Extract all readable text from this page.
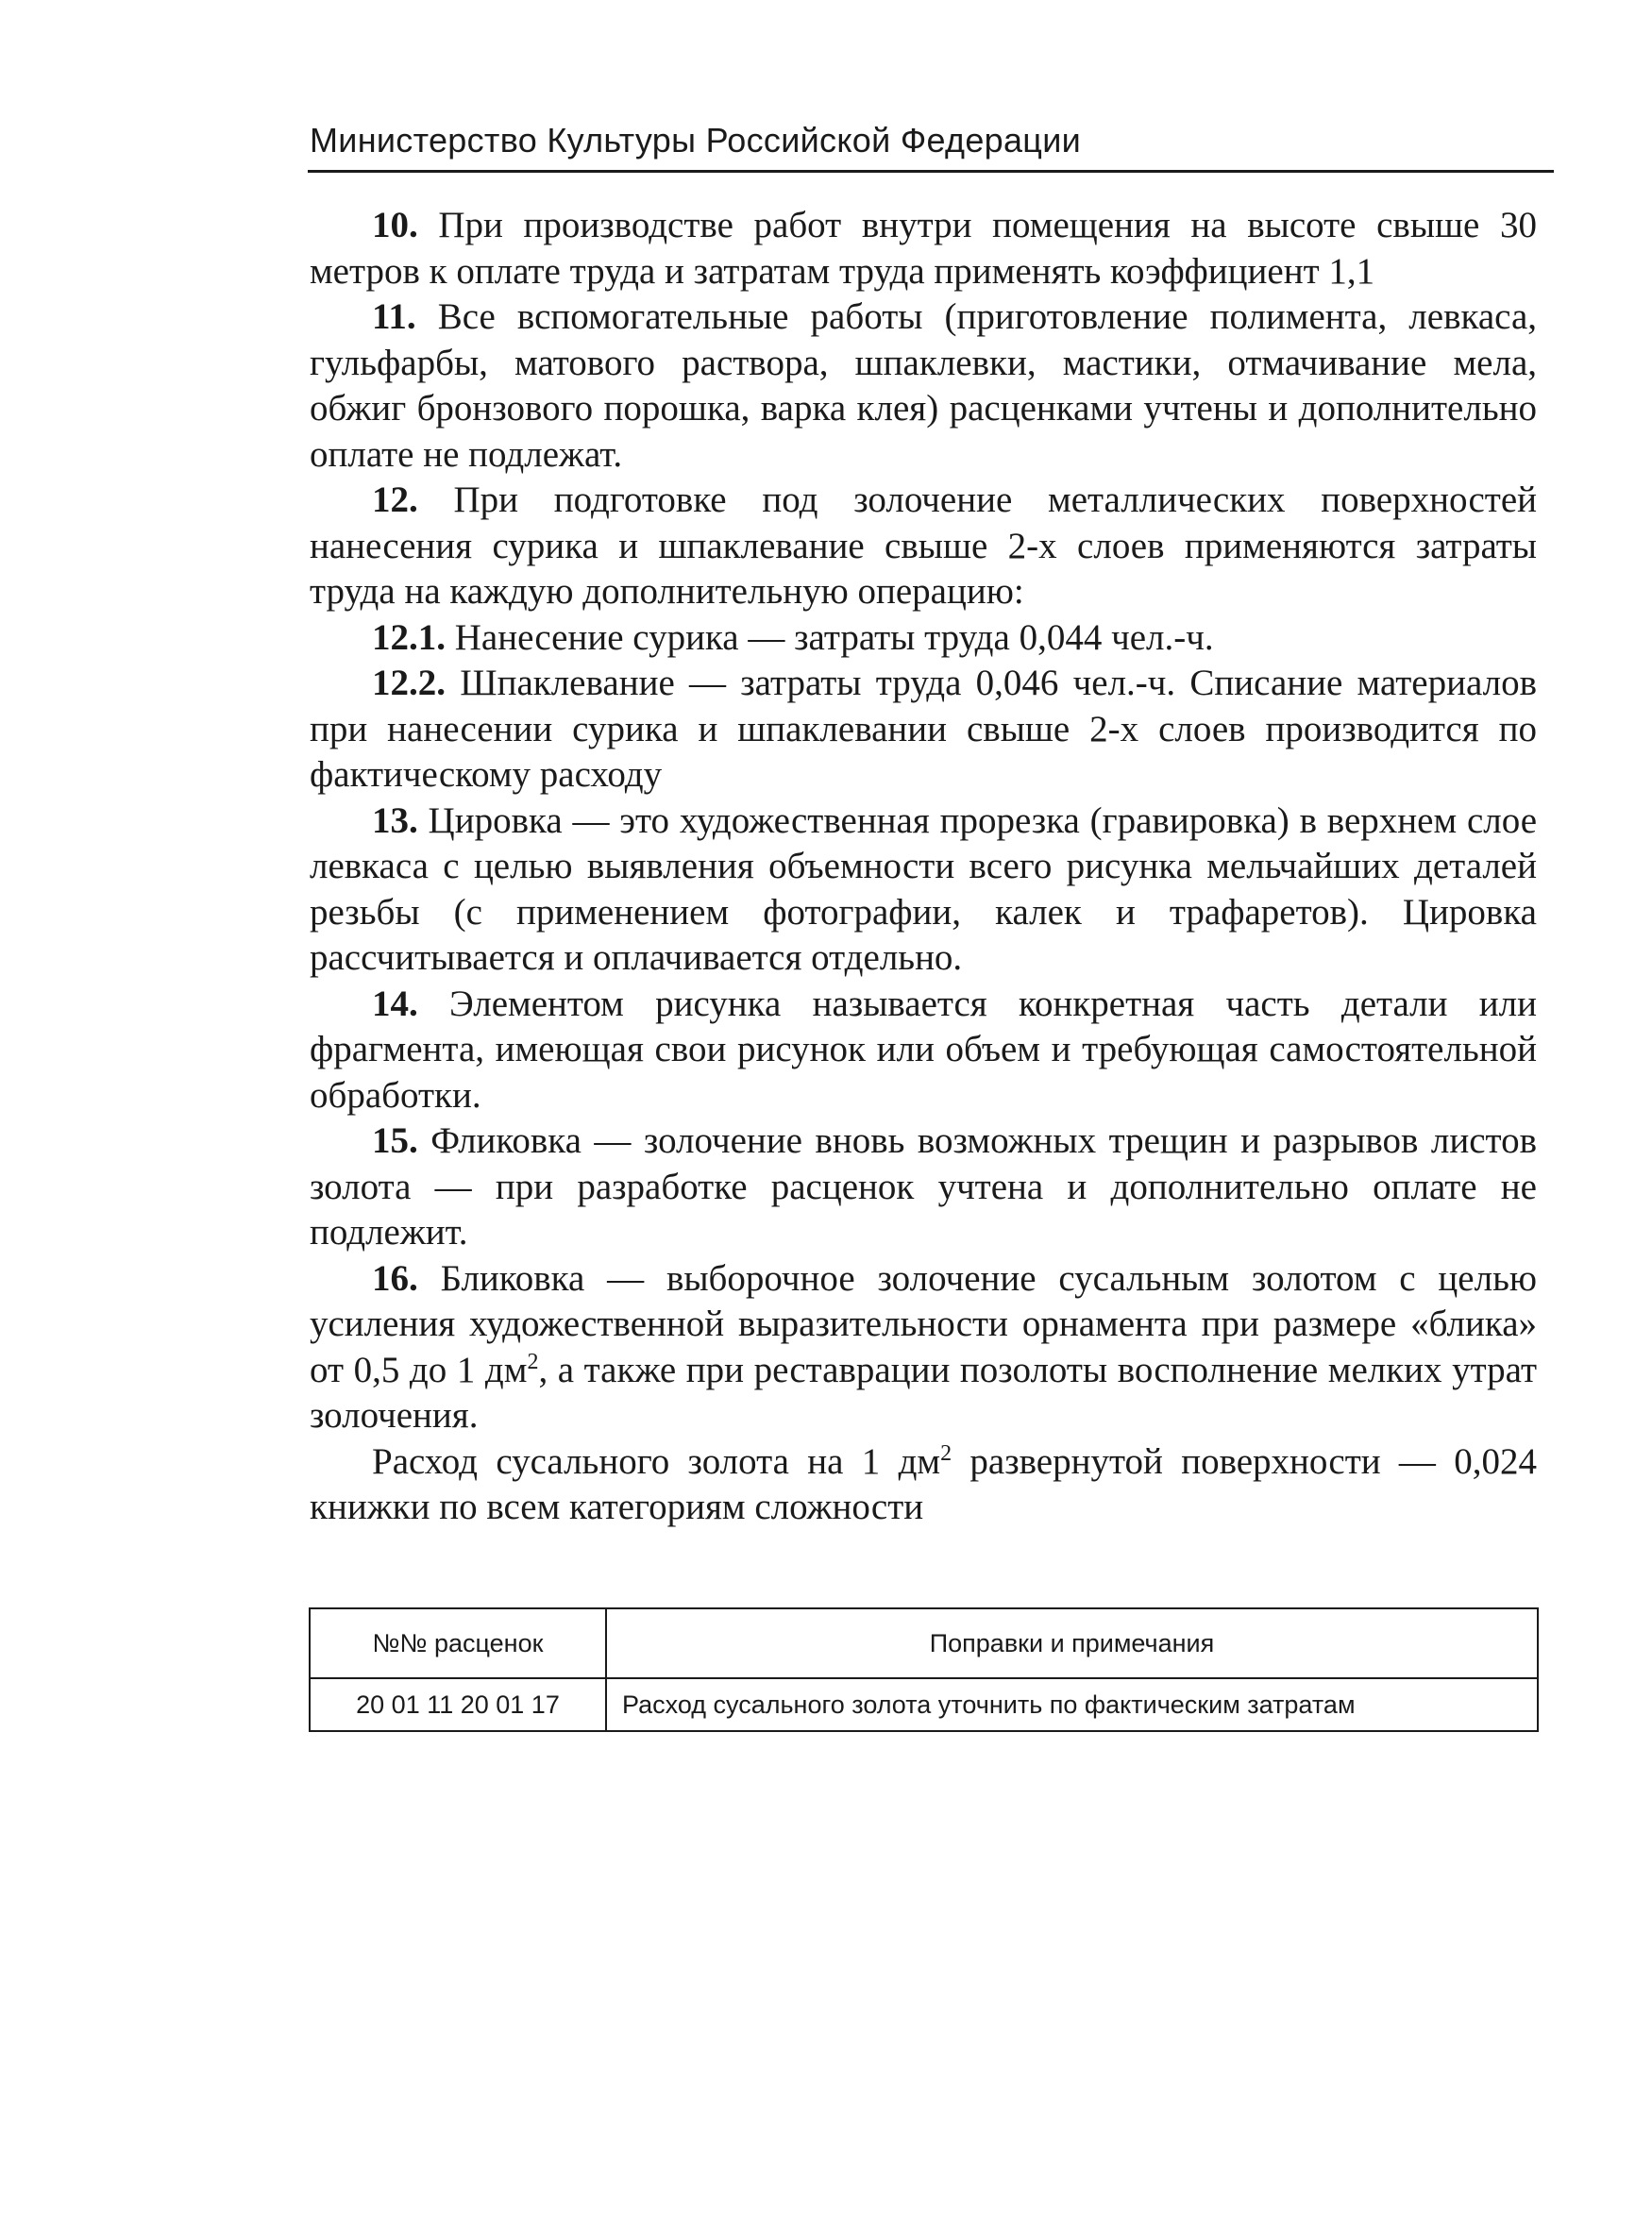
Министерство Культуры Российской Федерации

10. При производстве работ внутри помещения на высоте свыше 30 метров к оплате труда и затратам труда применять коэффициент 1,1

11. Все вспомогательные работы (приготовление полимента, левкаса, гульфарбы, матового раствора, шпаклевки, мастики, отмачивание мела, обжиг бронзового порошка, варка клея) расценками учтены и дополнительно оплате не подлежат.

12. При подготовке под золочение металлических поверхностей нанесения сурика и шпаклевание свыше 2-х слоев применяются затраты труда на каждую дополнительную операцию:

12.1. Нанесение сурика — затраты труда 0,044 чел.-ч.

12.2. Шпаклевание — затраты труда 0,046 чел.-ч. Списание материалов при нанесении сурика и шпаклевании свыше 2-х слоев производится по фактическому расходу

13. Цировка — это художественная прорезка (гравировка) в верхнем слое левкаса с целью выявления объемности всего рисунка мельчайших деталей резьбы (с применением фотографии, калек и трафаретов). Цировка рассчитывается и оплачивается отдельно.

14. Элементом рисунка называется конкретная часть детали или фрагмента, имеющая свои рисунок или объем и требующая самостоятельной обработки.

15. Фликовка — золочение вновь возможных трещин и разрывов листов золота — при разработке расценок учтена и дополнительно оплате не подлежит.

16. Бликовка — выборочное золочение сусальным золотом с целью усиления художественной выразительности орнамента при размере «блика» от 0,5 до 1 $дм^2$, а также при реставрации позолоты восполнение мелких утрат золочения.

Расход сусального золота на 1 $дм^2$ развернутой поверхности — 0,024 книжки по всем категориям сложности

№№ расценок	Поправки и примечания
20 01 11 20 01 17	Расход сусального золота уточнить по фактическим затратам
